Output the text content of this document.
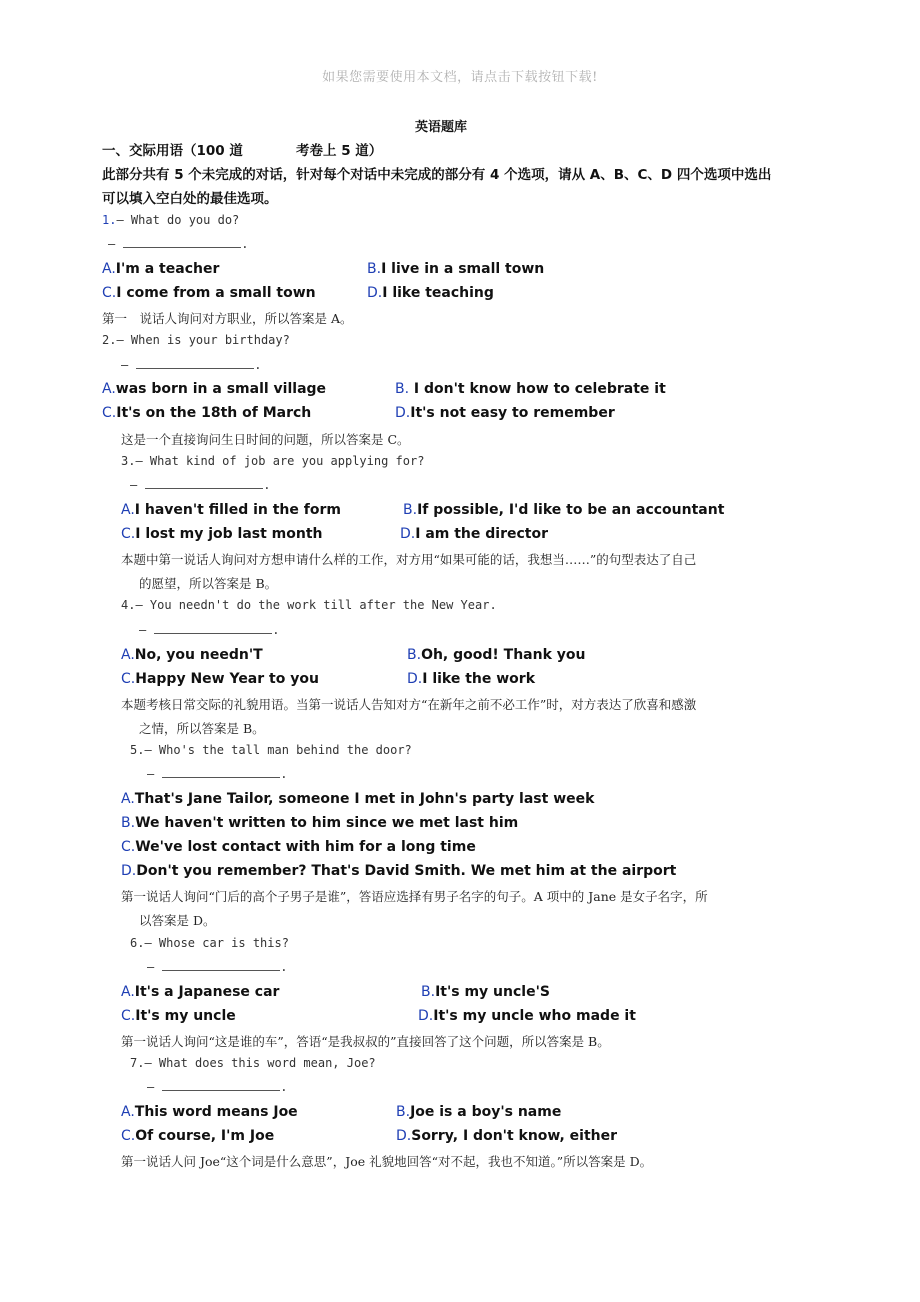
如果您需要使用本文档，请点击下载按钮下载!
英语题库
一、交际用语（100 道	考卷上 5 道）
此部分共有 5 个未完成的对话，针对每个对话中未完成的部分有 4 个选项，请从 A、B、C、D 四个选项中选出
可以填入空白处的最佳选项。
1.— What do you do?
—	.
A.I'm a teacher	B.I live in a small town
C.I come from a small town	D.I like teaching
第一　说话人询问对方职业，所以答案是 A。
2.— When is your birthday?
—	.
A.was born in a small village	B. I don't know how to celebrate it
C.It's on the 18th of March	D.It's not easy to remember
这是一个直接询问生日时间的问题，所以答案是 C。
3.— What kind of job are you applying for?
—	.
A.I haven't filled in the form	B.If possible, I'd like to be an accountant
C.I lost my job last month	D.I am the director
本题中第一说话人询问对方想申请什么样的工作，对方用“如果可能的话，我想当……”的句型表达了自己
的愿望，所以答案是 B。
4.— You needn't do the work till after the New Year.
—	.
A.No, you needn'T	B.Oh, good! Thank you
C.Happy New Year to you	D.I like the work
本题考核日常交际的礼貌用语。当第一说话人告知对方“在新年之前不必工作”时，对方表达了欣喜和感激
之情，所以答案是 B。
5.— Who's the tall man behind the door?
—	.
A.That's Jane Tailor, someone I met in John's party last week
B.We haven't written to him since we met last him
C.We've lost contact with him for a long time
D.Don't you remember? That's David Smith. We met him at the airport
第一说话人询问“门后的高个子男子是谁”，答语应选择有男子名字的句子。A 项中的 Jane 是女子名字，所
以答案是 D。
6.— Whose car is this?
—	.
A.It's a Japanese car	B.It's my uncle'S
C.It's my uncle	D.It's my uncle who made it
第一说话人询问“这是谁的车”，答语“是我叔叔的”直接回答了这个问题，所以答案是 B。
7.— What does this word mean, Joe?
—	.
A.This word means Joe	B.Joe is a boy's name
C.Of course, I'm Joe	D.Sorry, I don't know, either
第一说话人问 Joe“这个词是什么意思”，Joe 礼貌地回答“对不起，我也不知道。”所以答案是 D。
